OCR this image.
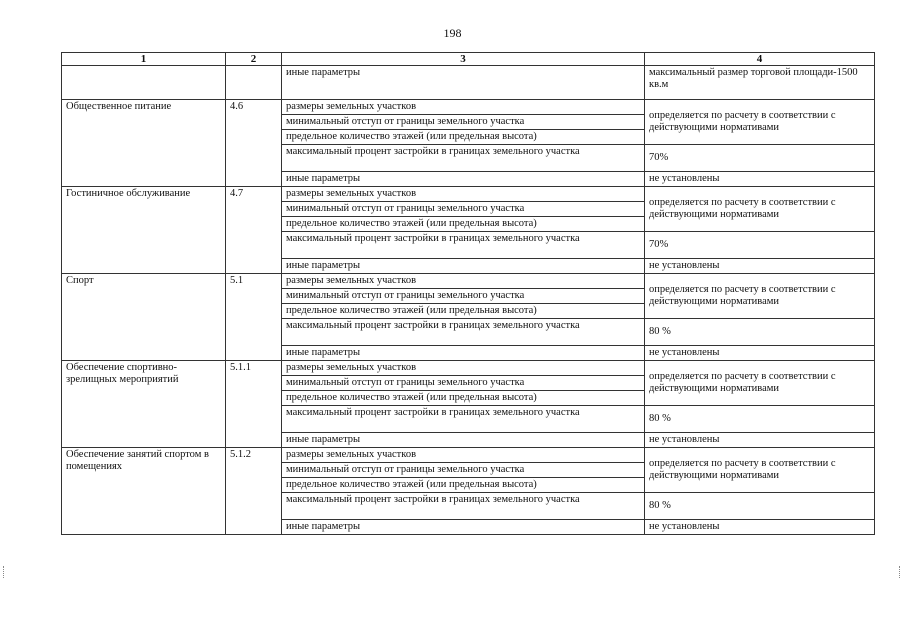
198
1	2	3	4
		иные параметры	максимальный размер торговой площади-1500 кв.м
Общественное питание	4.6	размеры земельных участков	определяется по расчету в соответствии с действующими нормативами
		минимальный отступ от границы земельного участка	
		предельное количество этажей (или предельная высота)	
		максимальный процент застройки в границах земельного участка	70%
		иные параметры	не установлены
Гостиничное обслуживание	4.7	размеры земельных участков	определяется по расчету в соответствии с действующими нормативами
		минимальный отступ от границы земельного участка	
		предельное количество этажей (или предельная высота)	
		максимальный процент застройки в границах земельного участка	70%
		иные параметры	не установлены
Спорт	5.1	размеры земельных участков	определяется по расчету в соответствии с действующими нормативами
		минимальный отступ от границы земельного участка	
		предельное количество этажей (или предельная высота)	
		максимальный процент застройки в границах земельного участка	80 %
		иные параметры	не установлены
Обеспечение спортивно-зрелищных мероприятий	5.1.1	размеры земельных участков	определяется по расчету в соответствии с действующими нормативами
		минимальный отступ от границы земельного участка	
		предельное количество этажей (или предельная высота)	
		максимальный процент застройки в границах земельного участка	80 %
		иные параметры	не установлены
Обеспечение занятий спортом в помещениях	5.1.2	размеры земельных участков	определяется по расчету в соответствии с действующими нормативами
		минимальный отступ от границы земельного участка	
		предельное количество этажей (или предельная высота)	
		максимальный процент застройки в границах земельного участка	80 %
		иные параметры	не установлены
